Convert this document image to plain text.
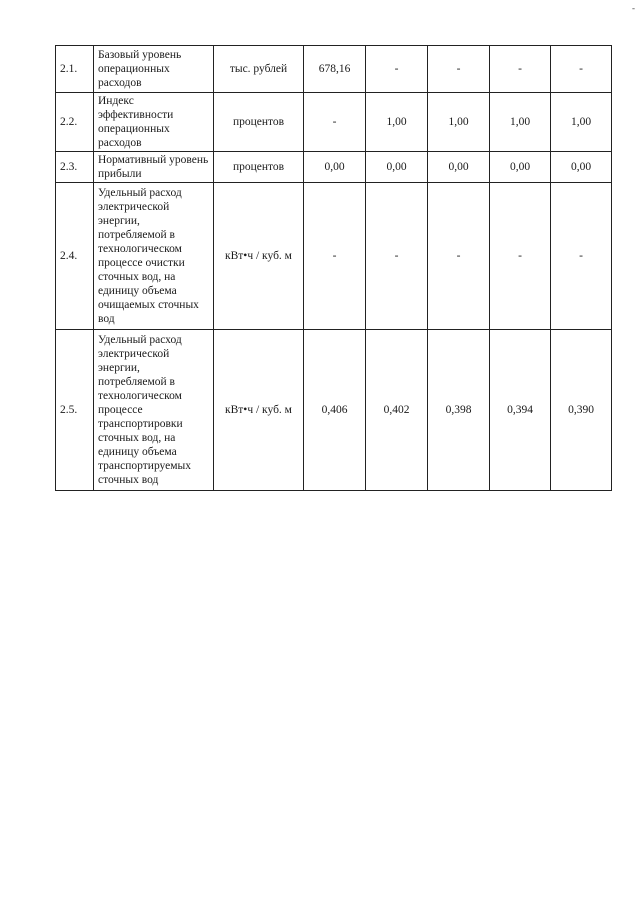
-
2.1.	Базовый уровень операционных расходов	тыс. рублей	678,16	-	-	-	-
2.2.	Индекс эффективности операционных расходов	процентов	-	1,00	1,00	1,00	1,00
2.3.	Нормативный уровень прибыли	процентов	0,00	0,00	0,00	0,00	0,00
2.4.	Удельный расход электрической энергии, потребляемой в технологическом процессе очистки сточных вод, на единицу объема очищаемых сточных вод	кВт•ч / куб. м	-	-	-	-	-
2.5.	Удельный расход электрической энергии, потребляемой в технологическом процессе транспортировки сточных вод, на единицу объема транспортируемых сточных вод	кВт•ч / куб. м	0,406	0,402	0,398	0,394	0,390
